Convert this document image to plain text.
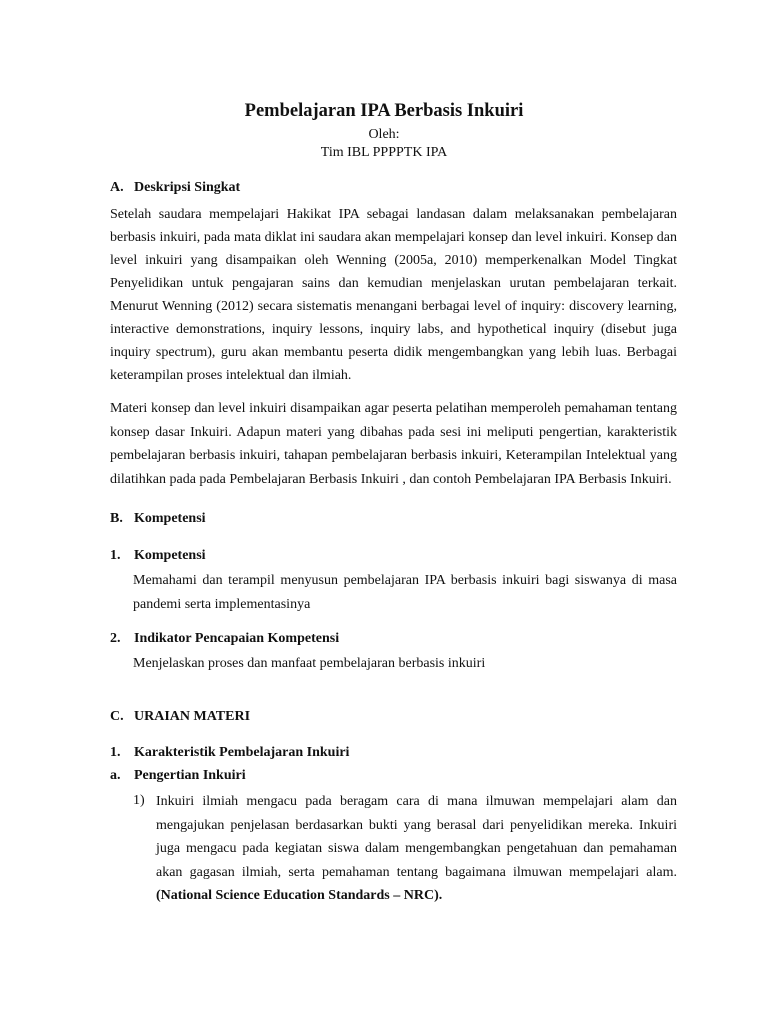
Pembelajaran IPA Berbasis Inkuiri
Oleh:
Tim IBL PPPPTK IPA
A. Deskripsi Singkat
Setelah saudara mempelajari Hakikat IPA sebagai landasan dalam melaksanakan pembelajaran berbasis inkuiri, pada mata diklat ini saudara akan mempelajari konsep dan level inkuiri. Konsep dan level inkuiri yang disampaikan oleh Wenning (2005a, 2010) memperkenalkan Model Tingkat Penyelidikan untuk pengajaran sains dan kemudian menjelaskan urutan pembelajaran terkait. Menurut Wenning (2012) secara sistematis menangani berbagai level of inquiry: discovery learning, interactive demonstrations, inquiry lessons, inquiry labs, and hypothetical inquiry (disebut juga inquiry spectrum), guru akan membantu peserta didik mengembangkan yang lebih luas. Berbagai keterampilan proses intelektual dan ilmiah.
Materi konsep dan level inkuiri disampaikan agar peserta pelatihan memperoleh pemahaman tentang konsep dasar Inkuiri. Adapun materi yang dibahas pada sesi ini meliputi pengertian, karakteristik pembelajaran berbasis inkuiri, tahapan pembelajaran berbasis inkuiri, Keterampilan Intelektual yang dilatihkan pada pada Pembelajaran Berbasis Inkuiri , dan contoh Pembelajaran IPA Berbasis Inkuiri.
B. Kompetensi
1. Kompetensi
Memahami dan terampil menyusun pembelajaran IPA berbasis inkuiri bagi siswanya di masa pandemi serta implementasinya
2. Indikator Pencapaian Kompetensi
Menjelaskan proses dan manfaat pembelajaran berbasis inkuiri
C. URAIAN MATERI
1. Karakteristik Pembelajaran Inkuiri
a. Pengertian Inkuiri
1) Inkuiri ilmiah mengacu pada beragam cara di mana ilmuwan mempelajari alam dan mengajukan penjelasan berdasarkan bukti yang berasal dari penyelidikan mereka. Inkuiri juga mengacu pada kegiatan siswa dalam mengembangkan pengetahuan dan pemahaman akan gagasan ilmiah, serta pemahaman tentang bagaimana ilmuwan mempelajari alam. (National Science Education Standards – NRC).
